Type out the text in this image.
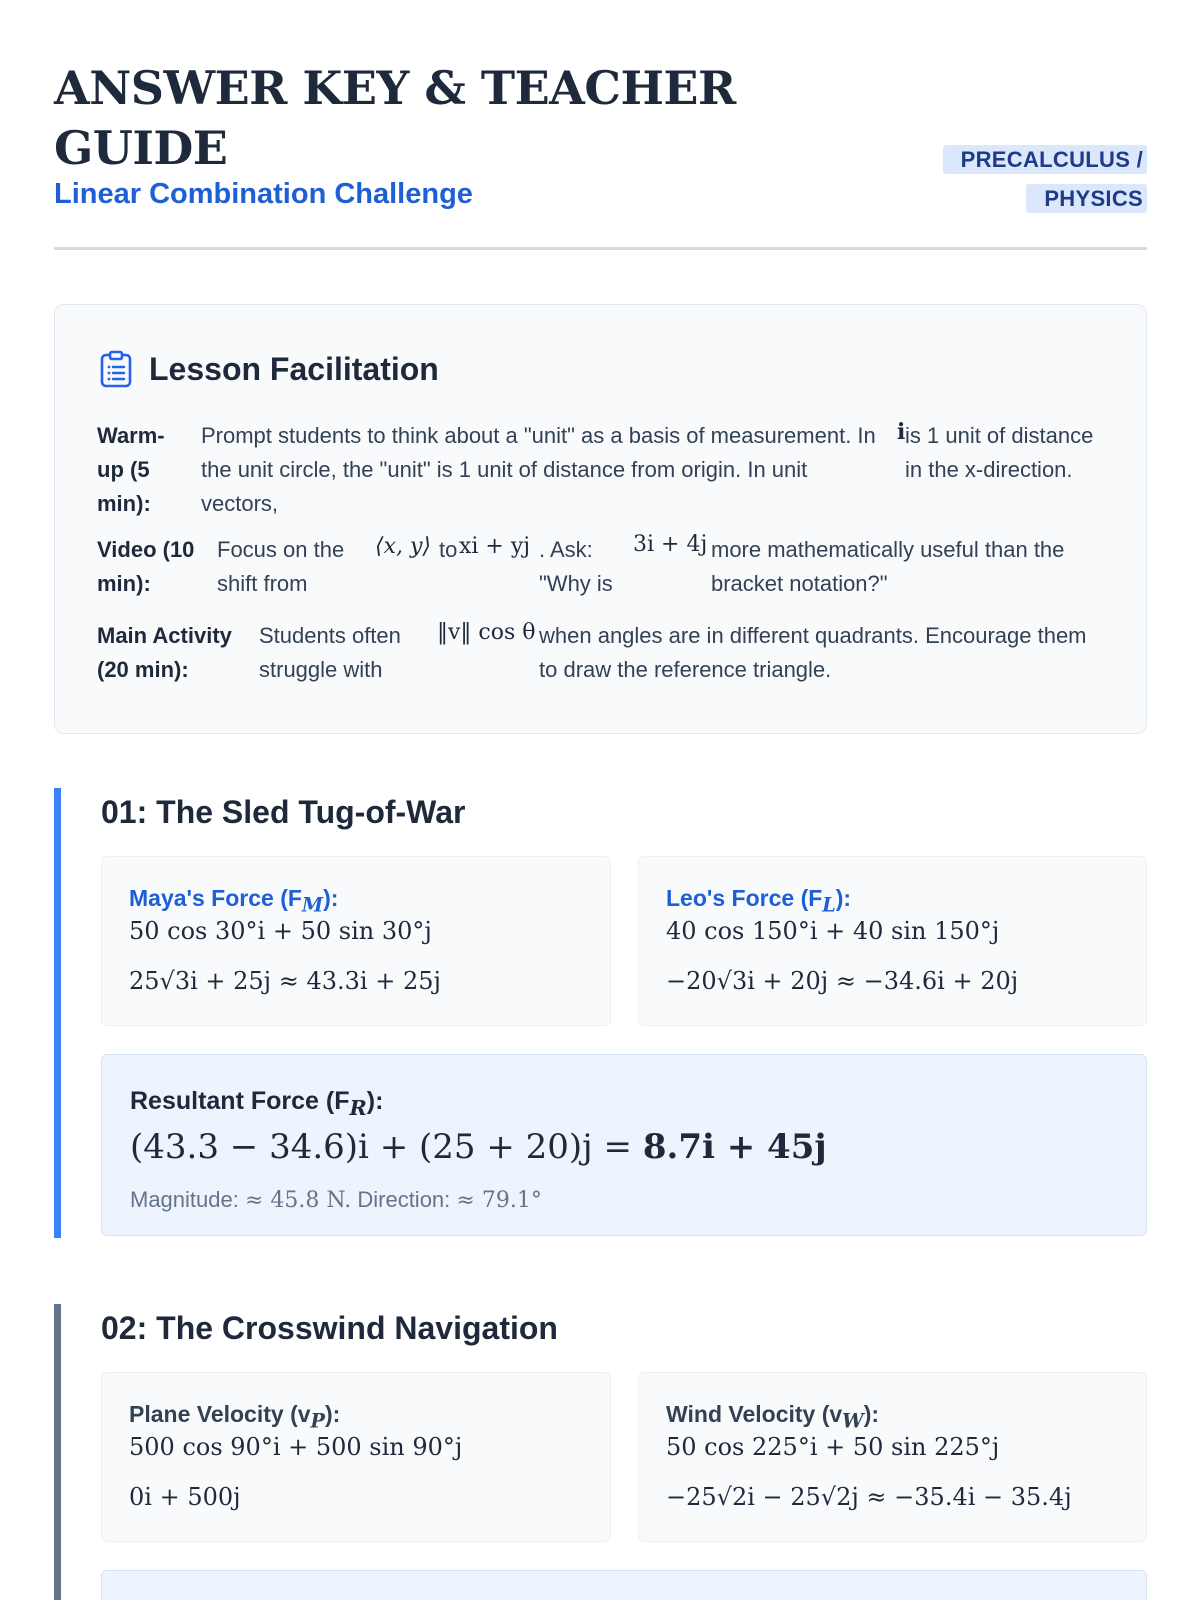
ANSWER KEY & TEACHER GUIDE
Linear Combination Challenge
PRECALCULUS / PHYSICS
Lesson Facilitation
Warm-up (5 min):
Prompt students to think about a "unit" as a basis of measurement. In the unit circle, the "unit" is 1 unit of distance from origin. In unit vectors,
i is 1 unit of distance in the x-direction.
Video (10 min):
Focus on the shift from
⟨x, y⟩ to xi + yj . Ask: "Why is
3i + 4j more mathematically useful than the bracket notation?"
Main Activity (20 min):
Students often struggle with
‖v‖ cos θ when angles are in different quadrants. Encourage them to draw the reference triangle.
01: The Sled Tug-of-War
Maya's Force $(F_M)$:
50 cos 30°i + 50 sin 30°j
25√3i + 25j ≈ 43.3i + 25j
Leo's Force $(F_L)$:
40 cos 150°i + 40 sin 150°j
−20√3i + 20j ≈ −34.6i + 20j
Resultant Force $(F_R)$:
(43.3 − 34.6)i + (25 + 20)j = 8.7i + 45j
Magnitude: ≈ 45.8 N. Direction: ≈ 79.1°
02: The Crosswind Navigation
Plane Velocity $(v_P)$:
500 cos 90°i + 500 sin 90°j
0i + 500j
Wind Velocity $(v_W)$:
50 cos 225°i + 50 sin 225°j
−25√2i − 25√2j ≈ −35.4i − 35.4j
